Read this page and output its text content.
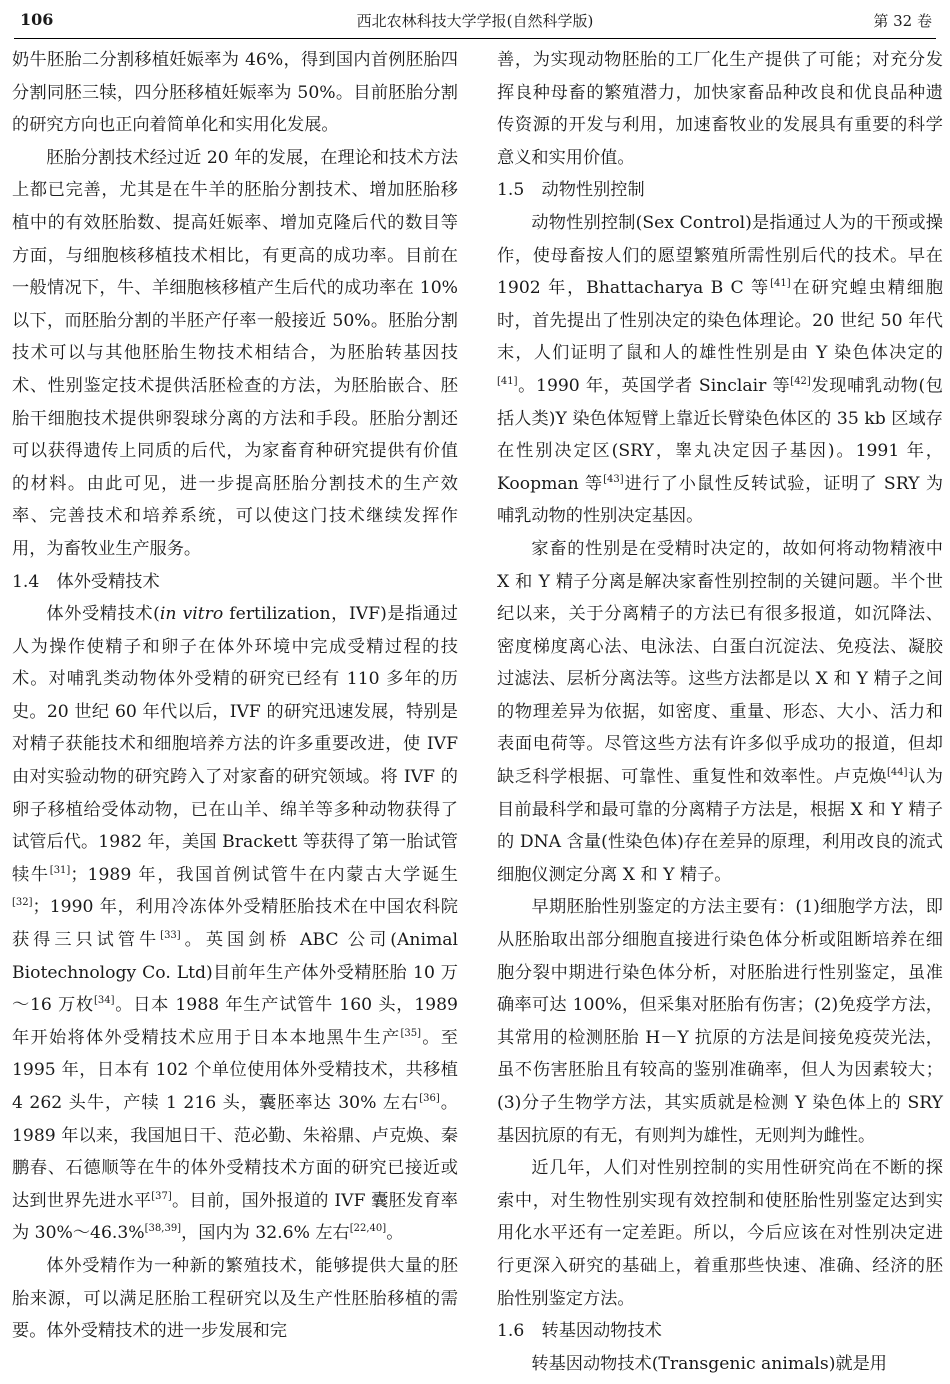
106	西北农林科技大学学报(自然科学版)	第 32 卷

奶牛胚胎二分割移植妊娠率为 46%，得到国内首例胚胎四分割同胚三犊，四分胚移植妊娠率为 50%。目前胚胎分割的研究方向也正向着简单化和实用化发展。

胚胎分割技术经过近 20 年的发展，在理论和技术方法上都已完善，尤其是在牛羊的胚胎分割技术、增加胚胎移植中的有效胚胎数、提高妊娠率、增加克隆后代的数目等方面，与细胞核移植技术相比，有更高的成功率。目前在一般情况下，牛、羊细胞核移植产生后代的成功率在 10% 以下，而胚胎分割的半胚产仔率一般接近 50%。胚胎分割技术可以与其他胚胎生物技术相结合，为胚胎转基因技术、性别鉴定技术提供活胚检查的方法，为胚胎嵌合、胚胎干细胞技术提供卵裂球分离的方法和手段。胚胎分割还可以获得遗传上同质的后代，为家畜育种研究提供有价值的材料。由此可见，进一步提高胚胎分割技术的生产效率、完善技术和培养系统，可以使这门技术继续发挥作用，为畜牧业生产服务。

1.4　体外受精技术

体外受精技术(in vitro fertilization，IVF)是指通过人为操作使精子和卵子在体外环境中完成受精过程的技术。对哺乳类动物体外受精的研究已经有 110 多年的历史。20 世纪 60 年代以后，IVF 的研究迅速发展，特别是对精子获能技术和细胞培养方法的许多重要改进，使 IVF 由对实验动物的研究跨入了对家畜的研究领域。将 IVF 的卵子移植给受体动物，已在山羊、绵羊等多种动物获得了试管后代。1982 年，美国 Brackett 等获得了第一胎试管犊牛[31]；1989 年，我国首例试管牛在内蒙古大学诞生[32]；1990 年，利用冷冻体外受精胚胎技术在中国农科院获得三只试管牛[33]。英国剑桥 ABC 公司(Animal Biotechnology Co. Ltd)目前年生产体外受精胚胎 10 万～16 万枚[34]。日本 1988 年生产试管牛 160 头，1989 年开始将体外受精技术应用于日本本地黑牛生产[35]。至 1995 年，日本有 102 个单位使用体外受精技术，共移植 4 262 头牛，产犊 1 216 头，囊胚率达 30% 左右[36]。1989 年以来，我国旭日干、范必勤、朱裕鼎、卢克焕、秦鹏春、石德顺等在牛的体外受精技术方面的研究已接近或达到世界先进水平[37]。目前，国外报道的 IVF 囊胚发育率为 30%～46.3%[38,39]，国内为 32.6% 左右[22,40]。

体外受精作为一种新的繁殖技术，能够提供大量的胚胎来源，可以满足胚胎工程研究以及生产性胚胎移植的需要。体外受精技术的进一步发展和完

善，为实现动物胚胎的工厂化生产提供了可能；对充分发挥良种母畜的繁殖潜力，加快家畜品种改良和优良品种遗传资源的开发与利用，加速畜牧业的发展具有重要的科学意义和实用价值。

1.5　动物性别控制

动物性别控制(Sex Control)是指通过人为的干预或操作，使母畜按人们的愿望繁殖所需性别后代的技术。早在 1902 年，Bhattacharya B C 等[41]在研究蝗虫精细胞时，首先提出了性别决定的染色体理论。20 世纪 50 年代末，人们证明了鼠和人的雄性性别是由 Y 染色体决定的[41]。1990 年，英国学者 Sinclair 等[42]发现哺乳动物(包括人类)Y 染色体短臂上靠近长臂染色体区的 35 kb 区域存在性别决定区(SRY，睾丸决定因子基因)。1991 年，Koopman 等[43]进行了小鼠性反转试验，证明了 SRY 为哺乳动物的性别决定基因。

家畜的性别是在受精时决定的，故如何将动物精液中 X 和 Y 精子分离是解决家畜性别控制的关键问题。半个世纪以来，关于分离精子的方法已有很多报道，如沉降法、密度梯度离心法、电泳法、白蛋白沉淀法、免疫法、凝胶过滤法、层析分离法等。这些方法都是以 X 和 Y 精子之间的物理差异为依据，如密度、重量、形态、大小、活力和表面电荷等。尽管这些方法有许多似乎成功的报道，但却缺乏科学根据、可靠性、重复性和效率性。卢克焕[44]认为目前最科学和最可靠的分离精子方法是，根据 X 和 Y 精子的 DNA 含量(性染色体)存在差异的原理，利用改良的流式细胞仪测定分离 X 和 Y 精子。

早期胚胎性别鉴定的方法主要有：(1)细胞学方法，即从胚胎取出部分细胞直接进行染色体分析或阻断培养在细胞分裂中期进行染色体分析，对胚胎进行性别鉴定，虽准确率可达 100%，但采集对胚胎有伤害；(2)免疫学方法，其常用的检测胚胎 H－Y 抗原的方法是间接免疫荧光法，虽不伤害胚胎且有较高的鉴别准确率，但人为因素较大；(3)分子生物学方法，其实质就是检测 Y 染色体上的 SRY 基因抗原的有无，有则判为雄性，无则判为雌性。

近几年，人们对性别控制的实用性研究尚在不断的探索中，对生物性别实现有效控制和使胚胎性别鉴定达到实用化水平还有一定差距。所以，今后应该在对性别决定进行更深入研究的基础上，着重那些快速、准确、经济的胚胎性别鉴定方法。

1.6　转基因动物技术

转基因动物技术(Transgenic animals)就是用
